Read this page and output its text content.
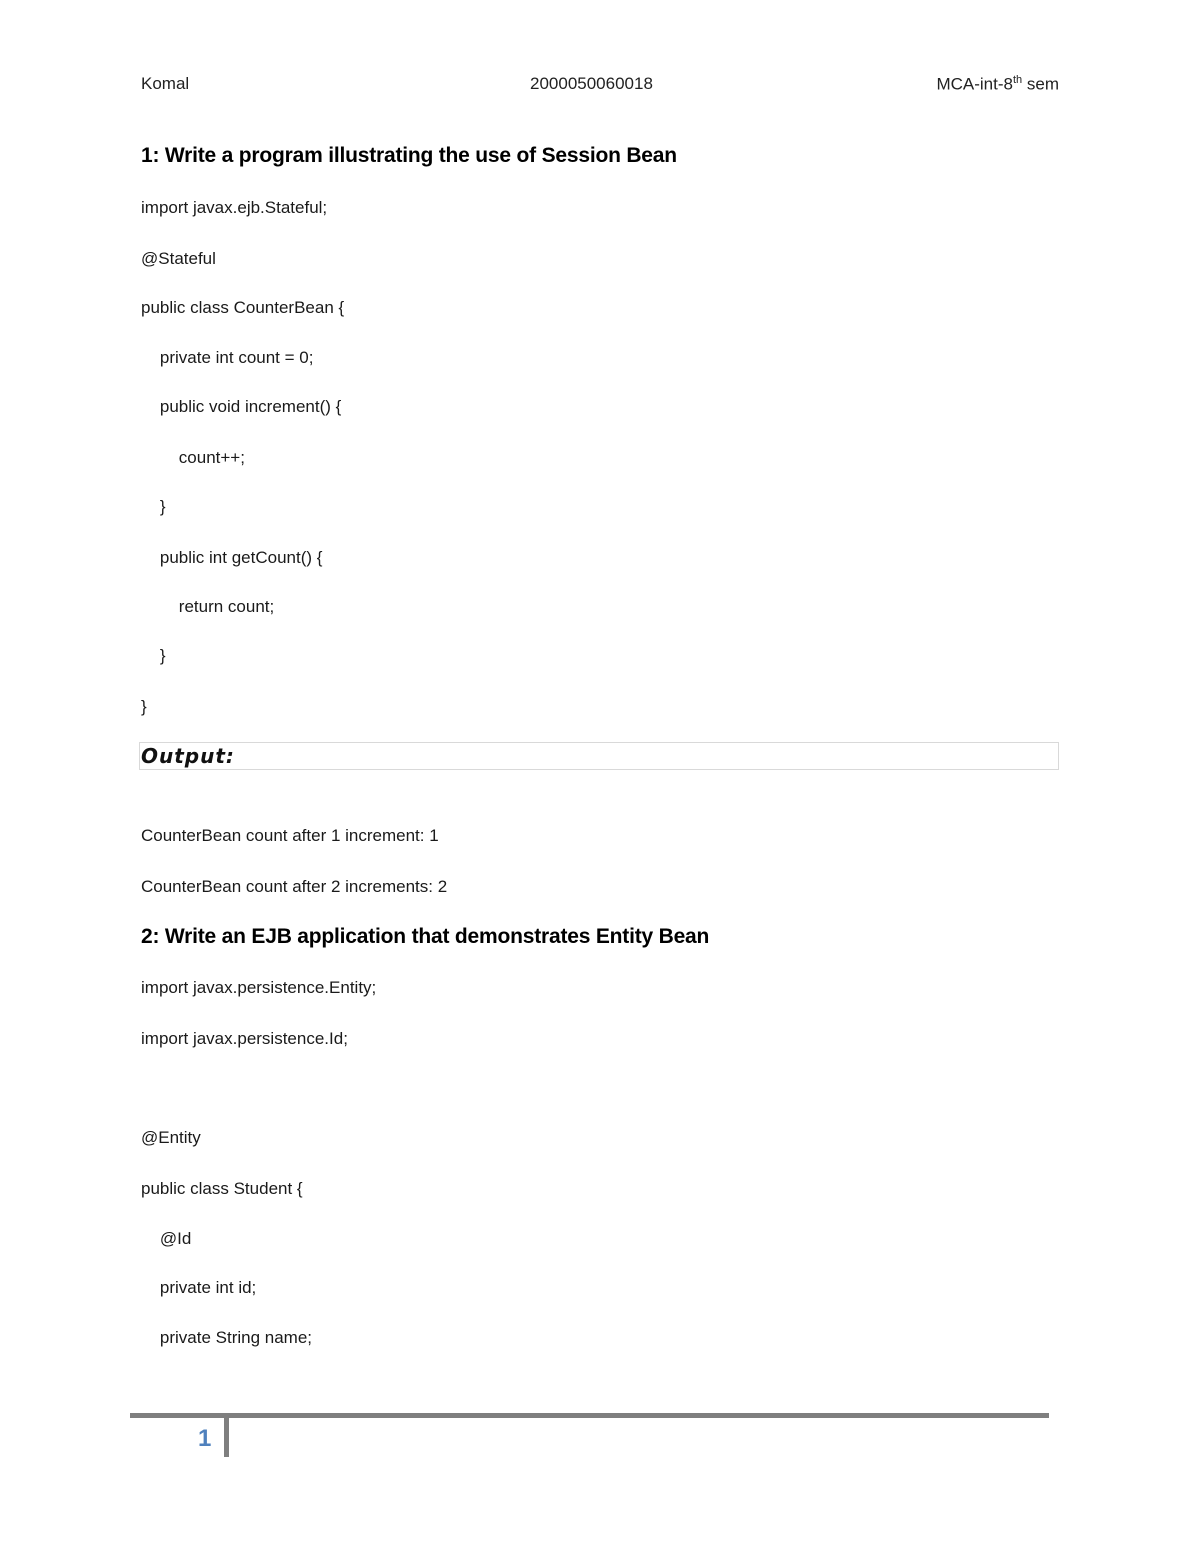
Komal	2000050060018	MCA-int-8th sem
1: Write a program illustrating the use of Session Bean
import javax.ejb.Stateful;
@Stateful
public class CounterBean {
private int count = 0;
public void increment() {
count++;
}
public int getCount() {
return count;
}
}
Output:
CounterBean count after 1 increment: 1
CounterBean count after 2 increments: 2
2: Write an EJB application that demonstrates Entity Bean
import javax.persistence.Entity;
import javax.persistence.Id;
@Entity
public class Student {
@Id
private int id;
private String name;
1
